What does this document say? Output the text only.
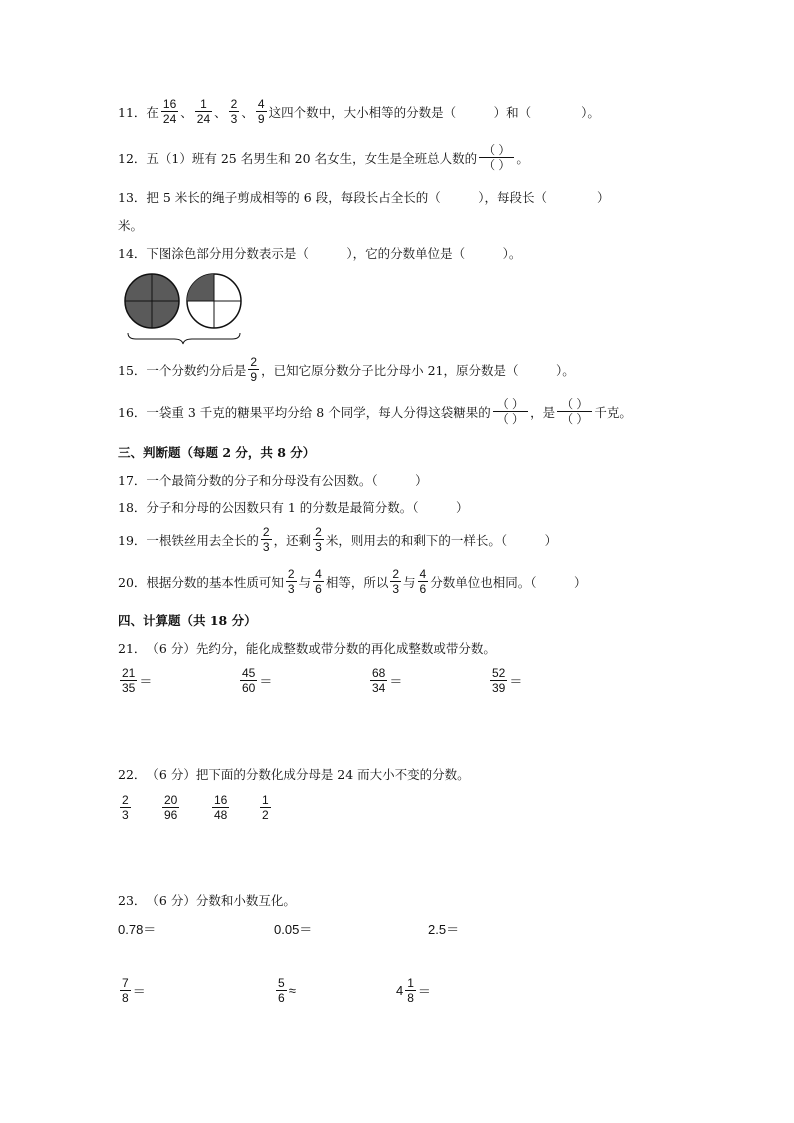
11． 在 $\frac{16}{24}$ 、 $\frac{1}{24}$ 、 $\frac{2}{3}$ 、 $\frac{4}{9}$ 这四个数中，大小相等的分数是（　　　）和（　　　　）。
12． 五（1）班有 25 名男生和 20 名女生，女生是全班总人数的 $\frac{( )}{( )}$ 。
13． 把 5 米长的绳子剪成相等的 6 段，每段长占全长的（　　　），每段长（　　　　）
米。
14． 下图涂色部分用分数表示是（　　　），它的分数单位是（　　　）。
15． 一个分数约分后是 $\frac{2}{9}$ ，已知它原分数分子比分母小 21，原分数是（　　　）。
16． 一袋重 3 千克的糖果平均分给 8 个同学，每人分得这袋糖果的 $\frac{( )}{( )}$ ，是 $\frac{( )}{( )}$ 千克。
三、判断题（每题 2 分，共 8 分）
17． 一个最简分数的分子和分母没有公因数。（　　　）
18． 分子和分母的公因数只有 1 的分数是最简分数。（　　　）
19． 一根铁丝用去全长的 $\frac{2}{3}$ ，还剩 $\frac{2}{3}$ 米，则用去的和剩下的一样长。（　　　）
20． 根据分数的基本性质可知 $\frac{2}{3}$ 与 $\frac{4}{6}$ 相等，所以 $\frac{2}{3}$ 与 $\frac{4}{6}$ 分数单位也相同。（　　　）
四、计算题（共 18 分）
21． （6 分）先约分，能化成整数或带分数的再化成整数或带分数。
$\frac{21}{35}$ ＝	$\frac{45}{60}$ ＝	$\frac{68}{34}$ ＝	$\frac{52}{39}$ ＝
22． （6 分）把下面的分数化成分母是 24 而大小不变的分数。
$\frac{2}{3}$	$\frac{20}{96}$	$\frac{16}{48}$	$\frac{1}{2}$
23． （6 分）分数和小数互化。
0.78＝	0.05＝	2.5＝
$\frac{7}{8}$ ＝	$\frac{5}{6}$ ≈	$4 \frac{1}{8}$ ＝
